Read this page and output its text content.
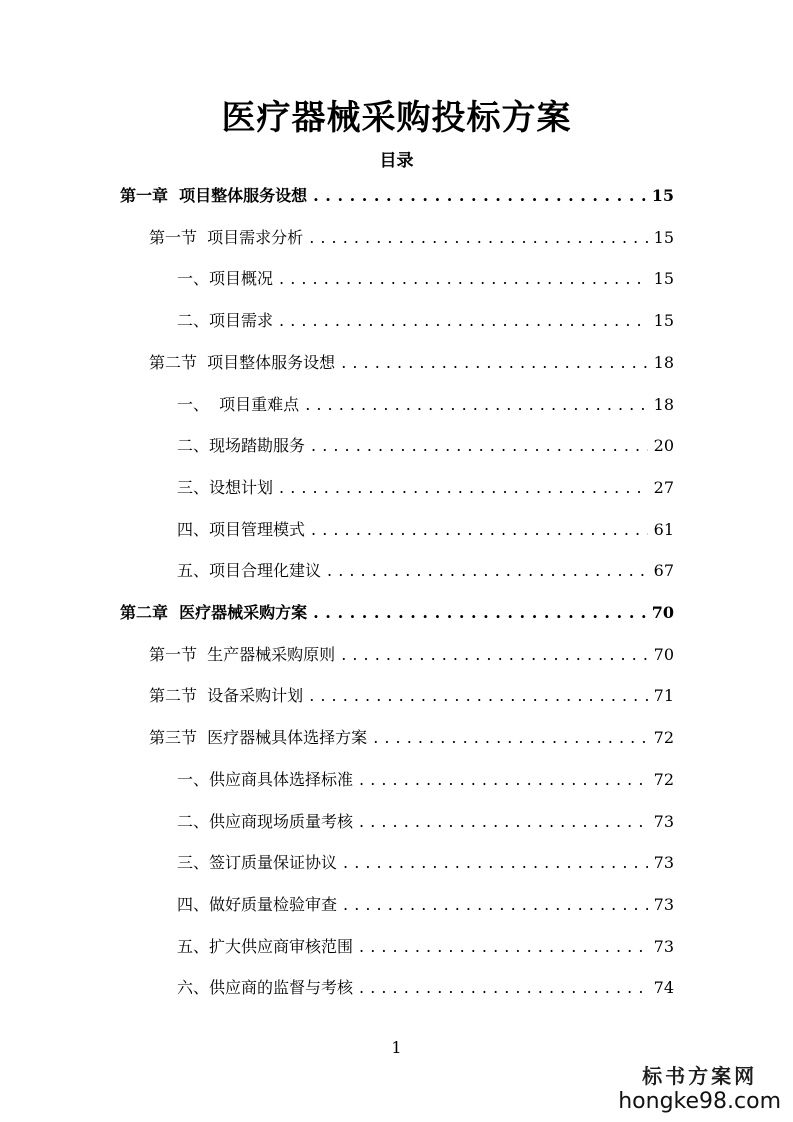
医疗器械采购投标方案
目录
第一章  项目整体服务设想 . . .	15
第一节  项目需求分析 . . .	15
一、项目概况 . . .	15
二、项目需求 . . .	15
第二节  项目整体服务设想 . . .	18
一、  项目重难点 . . .	18
二、现场踏勘服务 . . .	20
三、设想计划 . . .	27
四、项目管理模式 . . .	61
五、项目合理化建议 . . .	67
第二章  医疗器械采购方案 . . .	70
第一节  生产器械采购原则 . . .	70
第二节  设备采购计划 . . .	71
第三节  医疗器械具体选择方案 . . .	72
一、供应商具体选择标准 . . .	72
二、供应商现场质量考核 . . .	73
三、签订质量保证协议 . . .	73
四、做好质量检验审查 . . .	73
五、扩大供应商审核范围 . . .	73
六、供应商的监督与考核 . . .	74
1
标书方案网
hongke98.com
